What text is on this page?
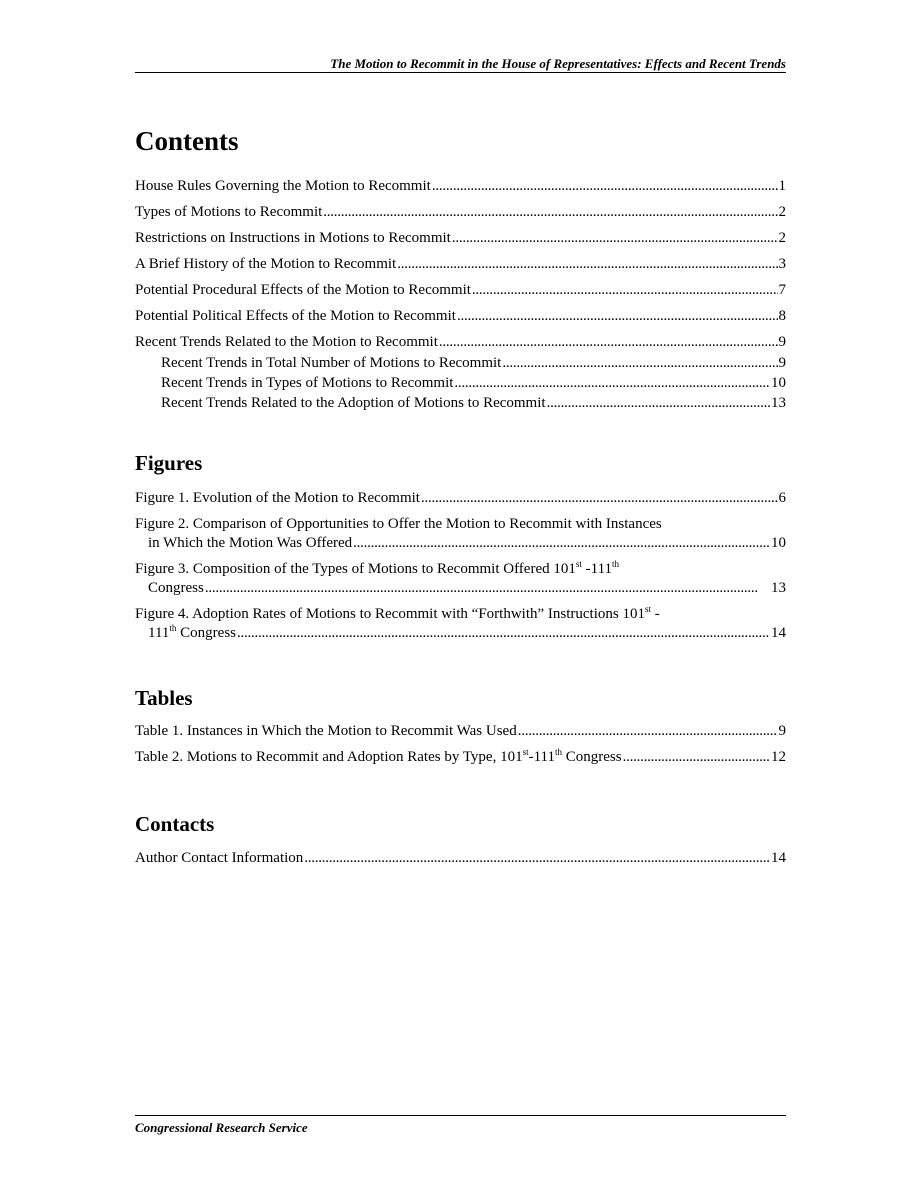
The Motion to Recommit in the House of Representatives: Effects and Recent Trends
Contents
House Rules Governing the Motion to Recommit . . .	1
Types of Motions to Recommit . . .	2
Restrictions on Instructions in Motions to Recommit . . .	2
A Brief History of the Motion to Recommit . . .	3
Potential Procedural Effects of the Motion to Recommit . . .	7
Potential Political Effects of the Motion to Recommit . . .	8
Recent Trends Related to the Motion to Recommit . . .	9
Recent Trends in Total Number of Motions to Recommit . . .	9
Recent Trends in Types of Motions to Recommit . . .	10
Recent Trends Related to the Adoption of Motions to Recommit . . .	13
Figures
Figure 1. Evolution of the Motion to Recommit . . .	6
Figure 2. Comparison of Opportunities to Offer the Motion to Recommit with Instances
in Which the Motion Was Offered . . .	10
Figure 3. Composition of the Types of Motions to Recommit Offered 101st -111th
Congress . . .	13
Figure 4. Adoption Rates of Motions to Recommit with “Forthwith” Instructions 101st -
111th Congress . . .	14
Tables
Table 1. Instances in Which the Motion to Recommit Was Used . . .	9
Table 2. Motions to Recommit and Adoption Rates by Type, 101st-111th Congress . . .	12
Contacts
Author Contact Information . . .	14
Congressional Research Service
